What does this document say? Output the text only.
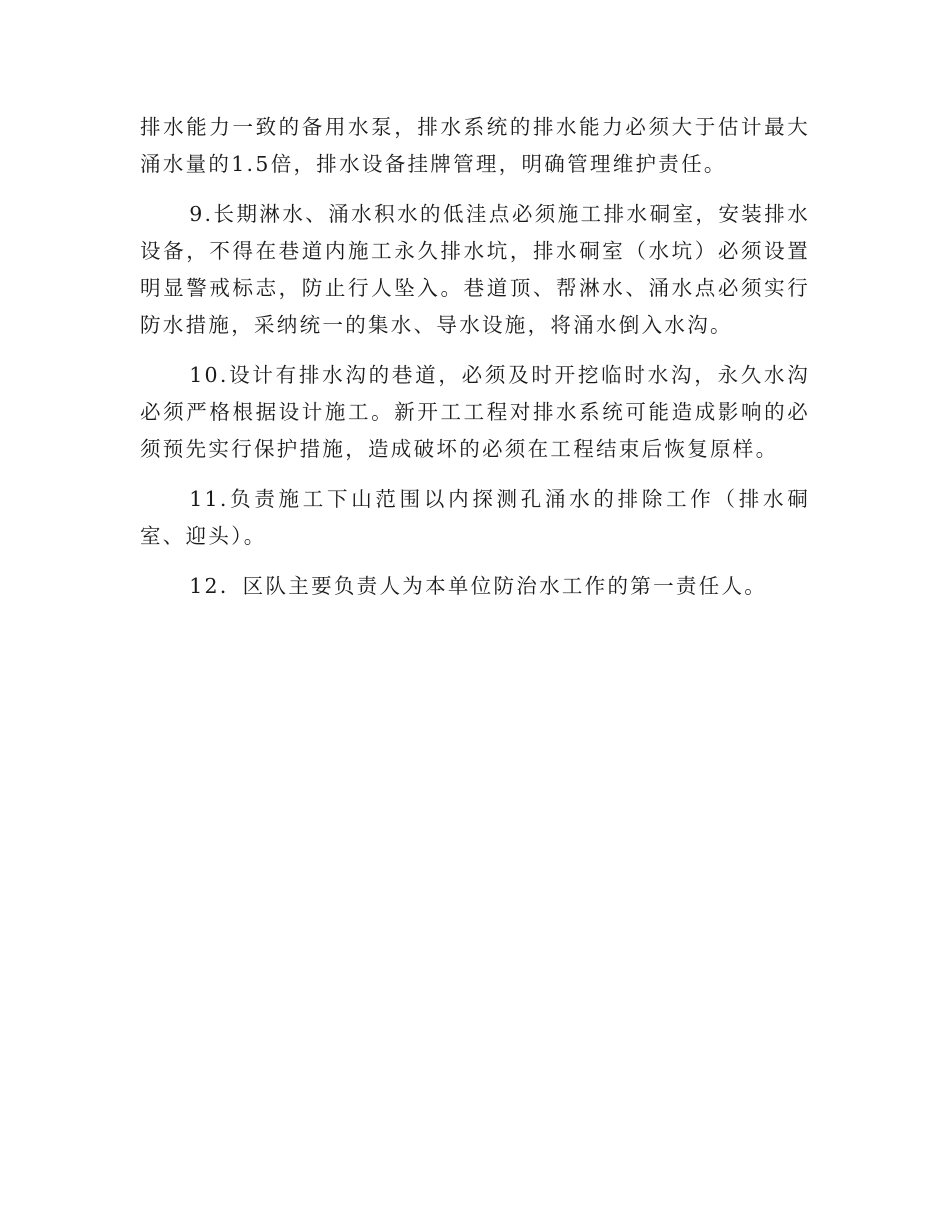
排水能力一致的备用水泵，排水系统的排水能力必须大于估计最大涌水量的1.5倍，排水设备挂牌管理，明确管理维护责任。

9.长期淋水、涌水积水的低洼点必须施工排水硐室，安装排水设备，不得在巷道内施工永久排水坑，排水硐室（水坑）必须设置明显警戒标志，防止行人坠入。巷道顶、帮淋水、涌水点必须实行防水措施，采纳统一的集水、导水设施，将涌水倒入水沟。

10.设计有排水沟的巷道，必须及时开挖临时水沟，永久水沟必须严格根据设计施工。新开工工程对排水系统可能造成影响的必须预先实行保护措施，造成破坏的必须在工程结束后恢复原样。

11.负责施工下山范围以内探测孔涌水的排除工作（排水硐室、迎头）。

12．区队主要负责人为本单位防治水工作的第一责任人。
